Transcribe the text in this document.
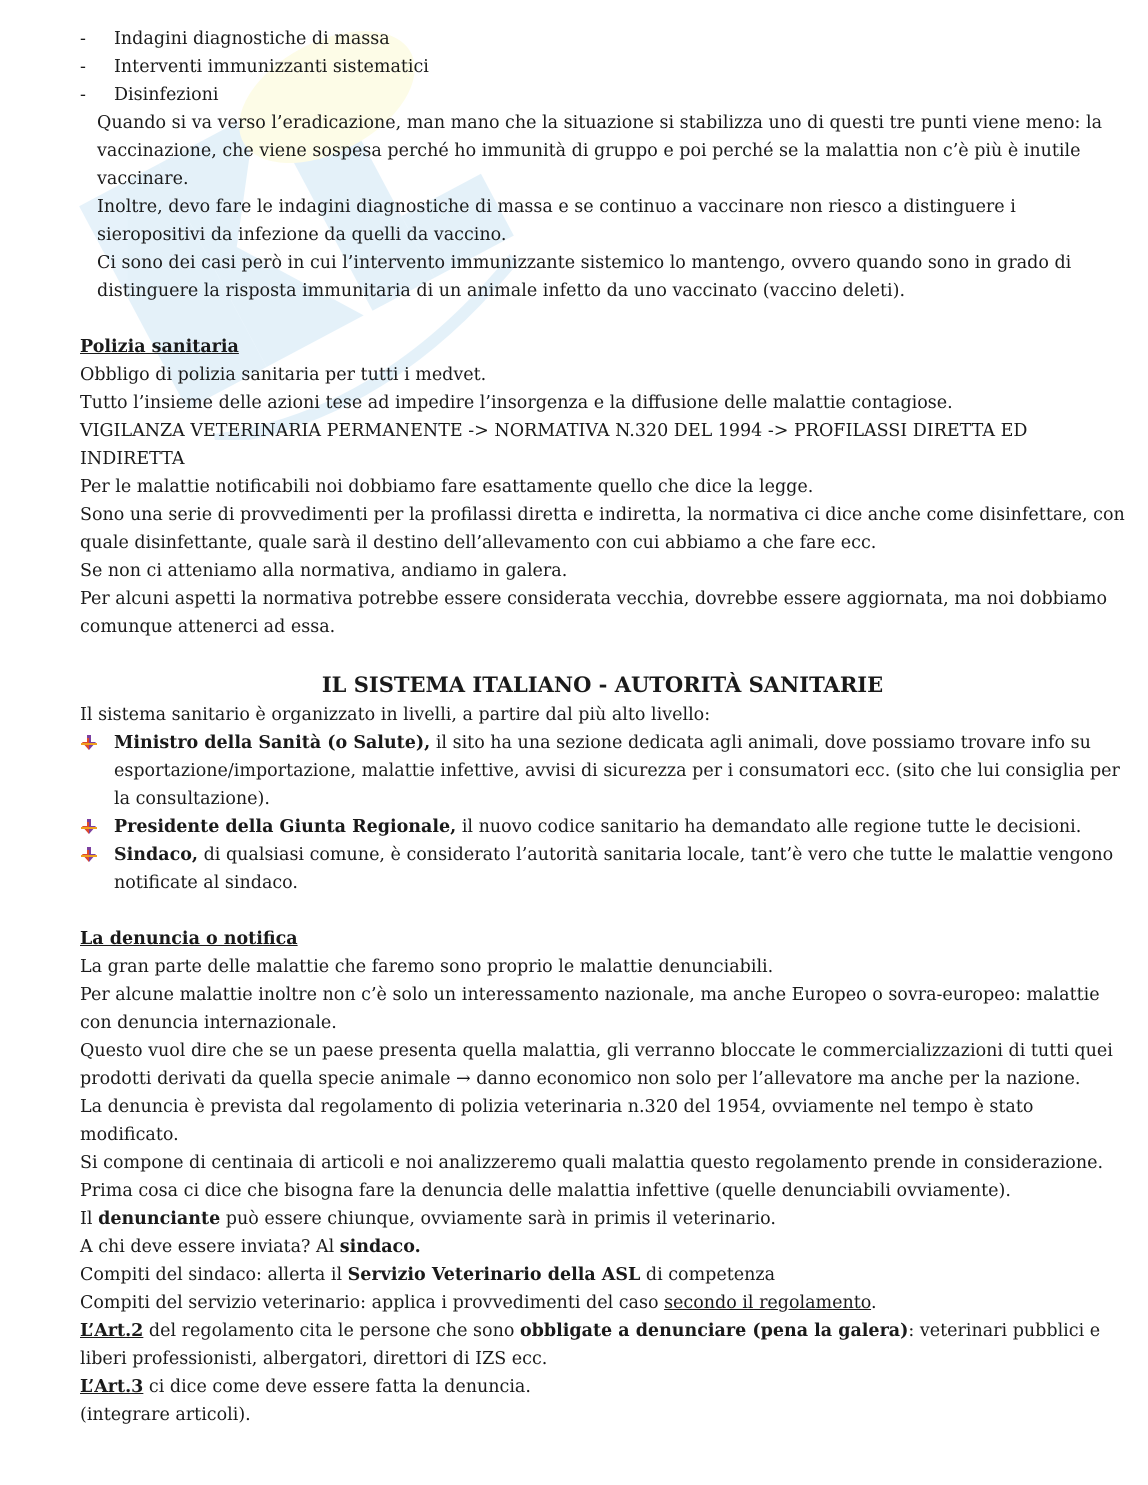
- Indagini diagnostiche di massa
- Interventi immunizzanti sistematici
- Disinfezioni

Quando si va verso l’eradicazione, man mano che la situazione si stabilizza uno di questi tre punti viene meno: la vaccinazione, che viene sospesa perché ho immunità di gruppo e poi perché se la malattia non c’è più è inutile vaccinare.

Inoltre, devo fare le indagini diagnostiche di massa e se continuo a vaccinare non riesco a distinguere i sieropositivi da infezione da quelli da vaccino.

Ci sono dei casi però in cui l’intervento immunizzante sistemico lo mantengo, ovvero quando sono in grado di distinguere la risposta immunitaria di un animale infetto da uno vaccinato (vaccino deleti).

Polizia sanitaria

Obbligo di polizia sanitaria per tutti i medvet.

Tutto l’insieme delle azioni tese ad impedire l’insorgenza e la diffusione delle malattie contagiose.

VIGILANZA VETERINARIA PERMANENTE -> NORMATIVA N.320 DEL 1994 -> PROFILASSI DIRETTA ED INDIRETTA

Per le malattie notificabili noi dobbiamo fare esattamente quello che dice la legge.

Sono una serie di provvedimenti per la profilassi diretta e indiretta, la normativa ci dice anche come disinfettare, con quale disinfettante, quale sarà il destino dell’allevamento con cui abbiamo a che fare ecc.

Se non ci atteniamo alla normativa, andiamo in galera.

Per alcuni aspetti la normativa potrebbe essere considerata vecchia, dovrebbe essere aggiornata, ma noi dobbiamo comunque attenerci ad essa.

IL SISTEMA ITALIANO - AUTORITÀ SANITARIE

Il sistema sanitario è organizzato in livelli, a partire dal più alto livello:

Ministro della Sanità (o Salute), il sito ha una sezione dedicata agli animali, dove possiamo trovare info su esportazione/importazione, malattie infettive, avvisi di sicurezza per i consumatori ecc. (sito che lui consiglia per la consultazione).
Presidente della Giunta Regionale, il nuovo codice sanitario ha demandato alle regione tutte le decisioni.
Sindaco, di qualsiasi comune, è considerato l’autorità sanitaria locale, tant’è vero che tutte le malattie vengono notificate al sindaco.

La denuncia o notifica

La gran parte delle malattie che faremo sono proprio le malattie denunciabili.

Per alcune malattie inoltre non c’è solo un interessamento nazionale, ma anche Europeo o sovra-europeo: malattie con denuncia internazionale.

Questo vuol dire che se un paese presenta quella malattia, gli verranno bloccate le commercializzazioni di tutti quei prodotti derivati da quella specie animale → danno economico non solo per l’allevatore ma anche per la nazione.

La denuncia è prevista dal regolamento di polizia veterinaria n.320 del 1954, ovviamente nel tempo è stato modificato.

Si compone di centinaia di articoli e noi analizzeremo quali malattia questo regolamento prende in considerazione.

Prima cosa ci dice che bisogna fare la denuncia delle malattia infettive (quelle denunciabili ovviamente).

Il denunciante può essere chiunque, ovviamente sarà in primis il veterinario.

A chi deve essere inviata? Al sindaco.

Compiti del sindaco: allerta il Servizio Veterinario della ASL di competenza

Compiti del servizio veterinario: applica i provvedimenti del caso secondo il regolamento.

L’Art.2 del regolamento cita le persone che sono obbligate a denunciare (pena la galera): veterinari pubblici e liberi professionisti, albergatori, direttori di IZS ecc.

L’Art.3 ci dice come deve essere fatta la denuncia.

(integrare articoli).
